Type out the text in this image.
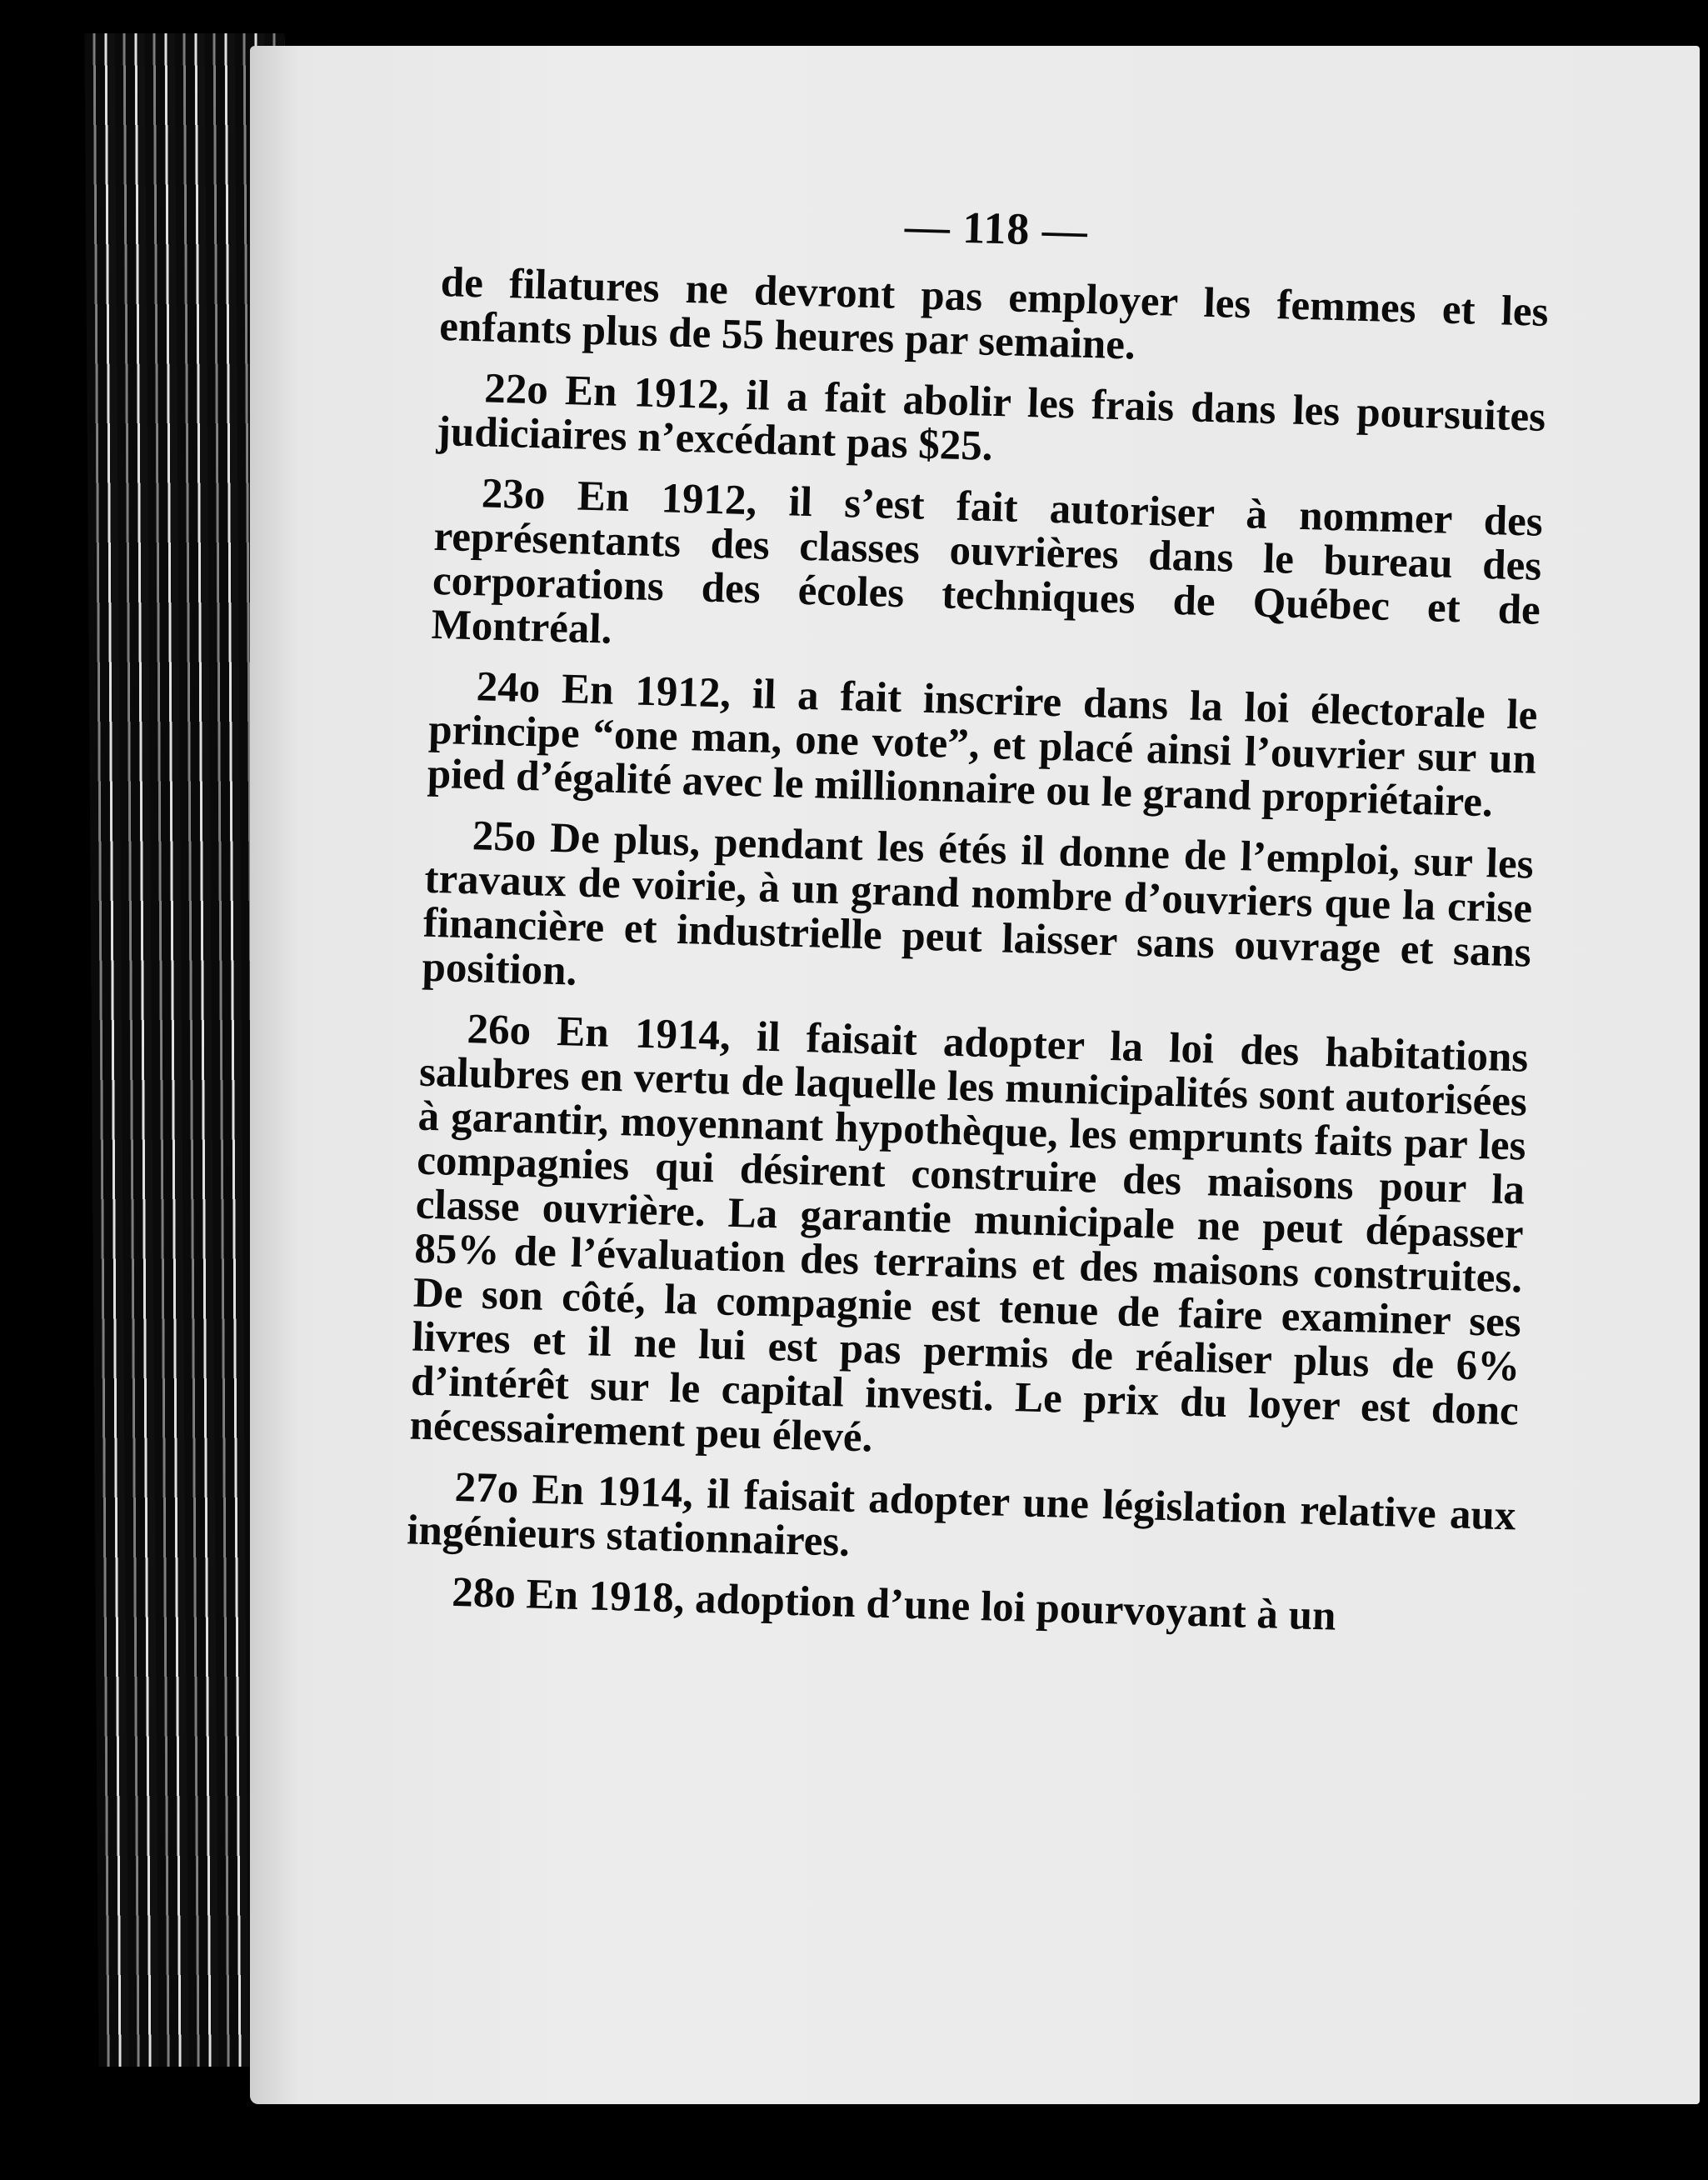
— 118 —

de filatures ne devront pas employer les femmes et les enfants plus de 55 heures par semaine.

22o En 1912, il a fait abolir les frais dans les poursuites judiciaires n’excédant pas $25.

23o En 1912, il s’est fait autoriser à nommer des représentants des classes ouvrières dans le bureau des corporations des écoles techniques de Québec et de Montréal.

24o En 1912, il a fait inscrire dans la loi électorale le principe “one man, one vote”, et placé ainsi l’ouvrier sur un pied d’égalité avec le millionnaire ou le grand propriétaire.

25o De plus, pendant les étés il donne de l’emploi, sur les travaux de voirie, à un grand nombre d’ouvriers que la crise financière et industrielle peut laisser sans ouvrage et sans position.

26o En 1914, il faisait adopter la loi des habitations salubres en vertu de laquelle les municipalités sont autorisées à garantir, moyennant hypothèque, les emprunts faits par les compagnies qui désirent construire des maisons pour la classe ouvrière. La garantie municipale ne peut dépasser 85% de l’évaluation des terrains et des maisons construites. De son côté, la compagnie est tenue de faire examiner ses livres et il ne lui est pas permis de réaliser plus de 6% d’intérêt sur le capital investi. Le prix du loyer est donc nécessairement peu élevé.

27o En 1914, il faisait adopter une législation relative aux ingénieurs stationnaires.

28o En 1918, adoption d’une loi pourvoyant à un
